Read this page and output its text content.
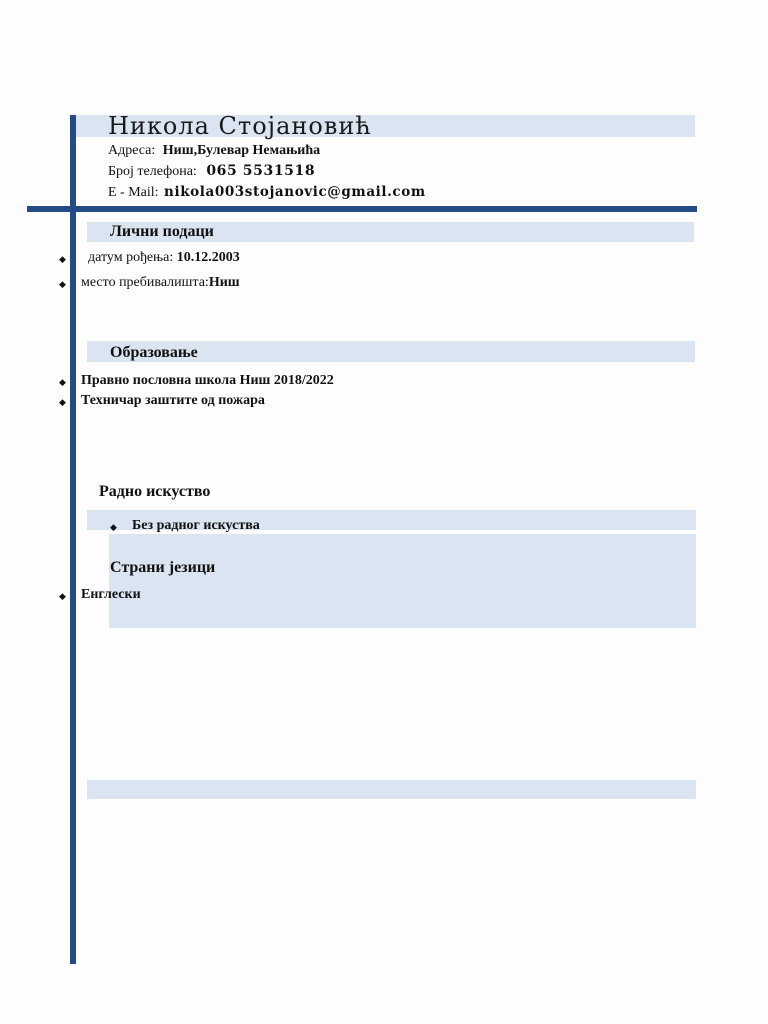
Никола Стојановић
Адреса: Ниш,Булевар Немањића
Број телефона: 065 5531518
E - Mail: nikola003stojanovic@gmail.com
Лични подаци
◆ датум рођења: 10.12.2003
◆ место пребивалишта:Ниш
Образовање
◆ Правно пословна школа Ниш 2018/2022
◆ Техничар заштите од пожара
Радно искуство
◆ Без радног искуства
Страни језици
◆ Енглески
